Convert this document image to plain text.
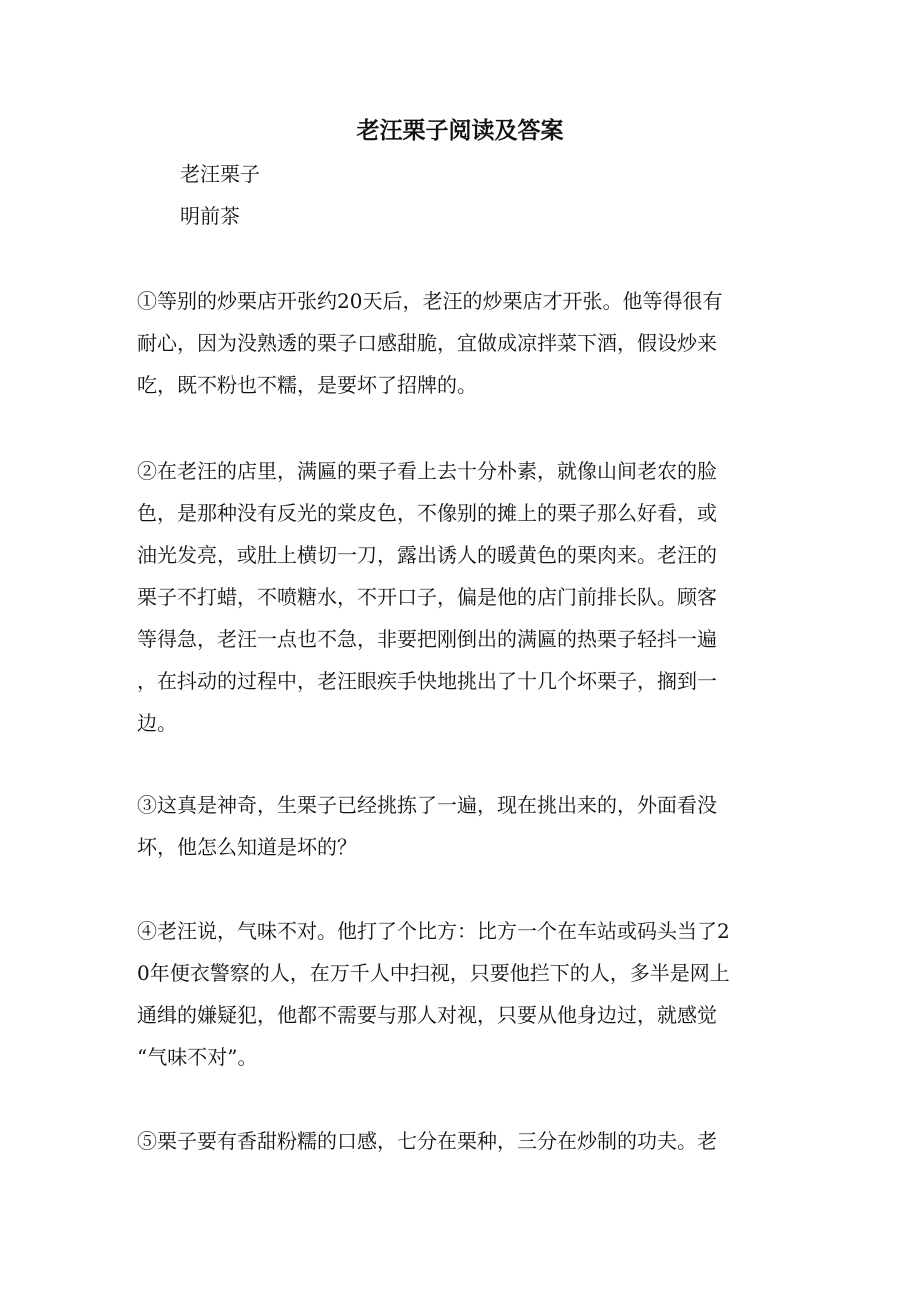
老汪栗子阅读及答案
老汪栗子
明前茶
①等别的炒栗店开张约20天后，老汪的炒栗店才开张。他等得很有
耐心，因为没熟透的栗子口感甜脆，宜做成凉拌菜下酒，假设炒来
吃，既不粉也不糯，是要坏了招牌的。
②在老汪的店里，满匾的栗子看上去十分朴素，就像山间老农的脸
色，是那种没有反光的棠皮色，不像别的摊上的栗子那么好看，或
油光发亮，或肚上横切一刀，露出诱人的暖黄色的栗肉来。老汪的
栗子不打蜡，不喷糖水，不开口子，偏是他的店门前排长队。顾客
等得急，老汪一点也不急，非要把刚倒出的满匾的热栗子轻抖一遍
，在抖动的过程中，老汪眼疾手快地挑出了十几个坏栗子，搁到一
边。
③这真是神奇，生栗子已经挑拣了一遍，现在挑出来的，外面看没
坏，他怎么知道是坏的？
④老汪说，气味不对。他打了个比方：比方一个在车站或码头当了2
0年便衣警察的人，在万千人中扫视，只要他拦下的人，多半是网上
通缉的嫌疑犯，他都不需要与那人对视，只要从他身边过，就感觉
“气味不对”。
⑤栗子要有香甜粉糯的口感，七分在栗种，三分在炒制的功夫。老
